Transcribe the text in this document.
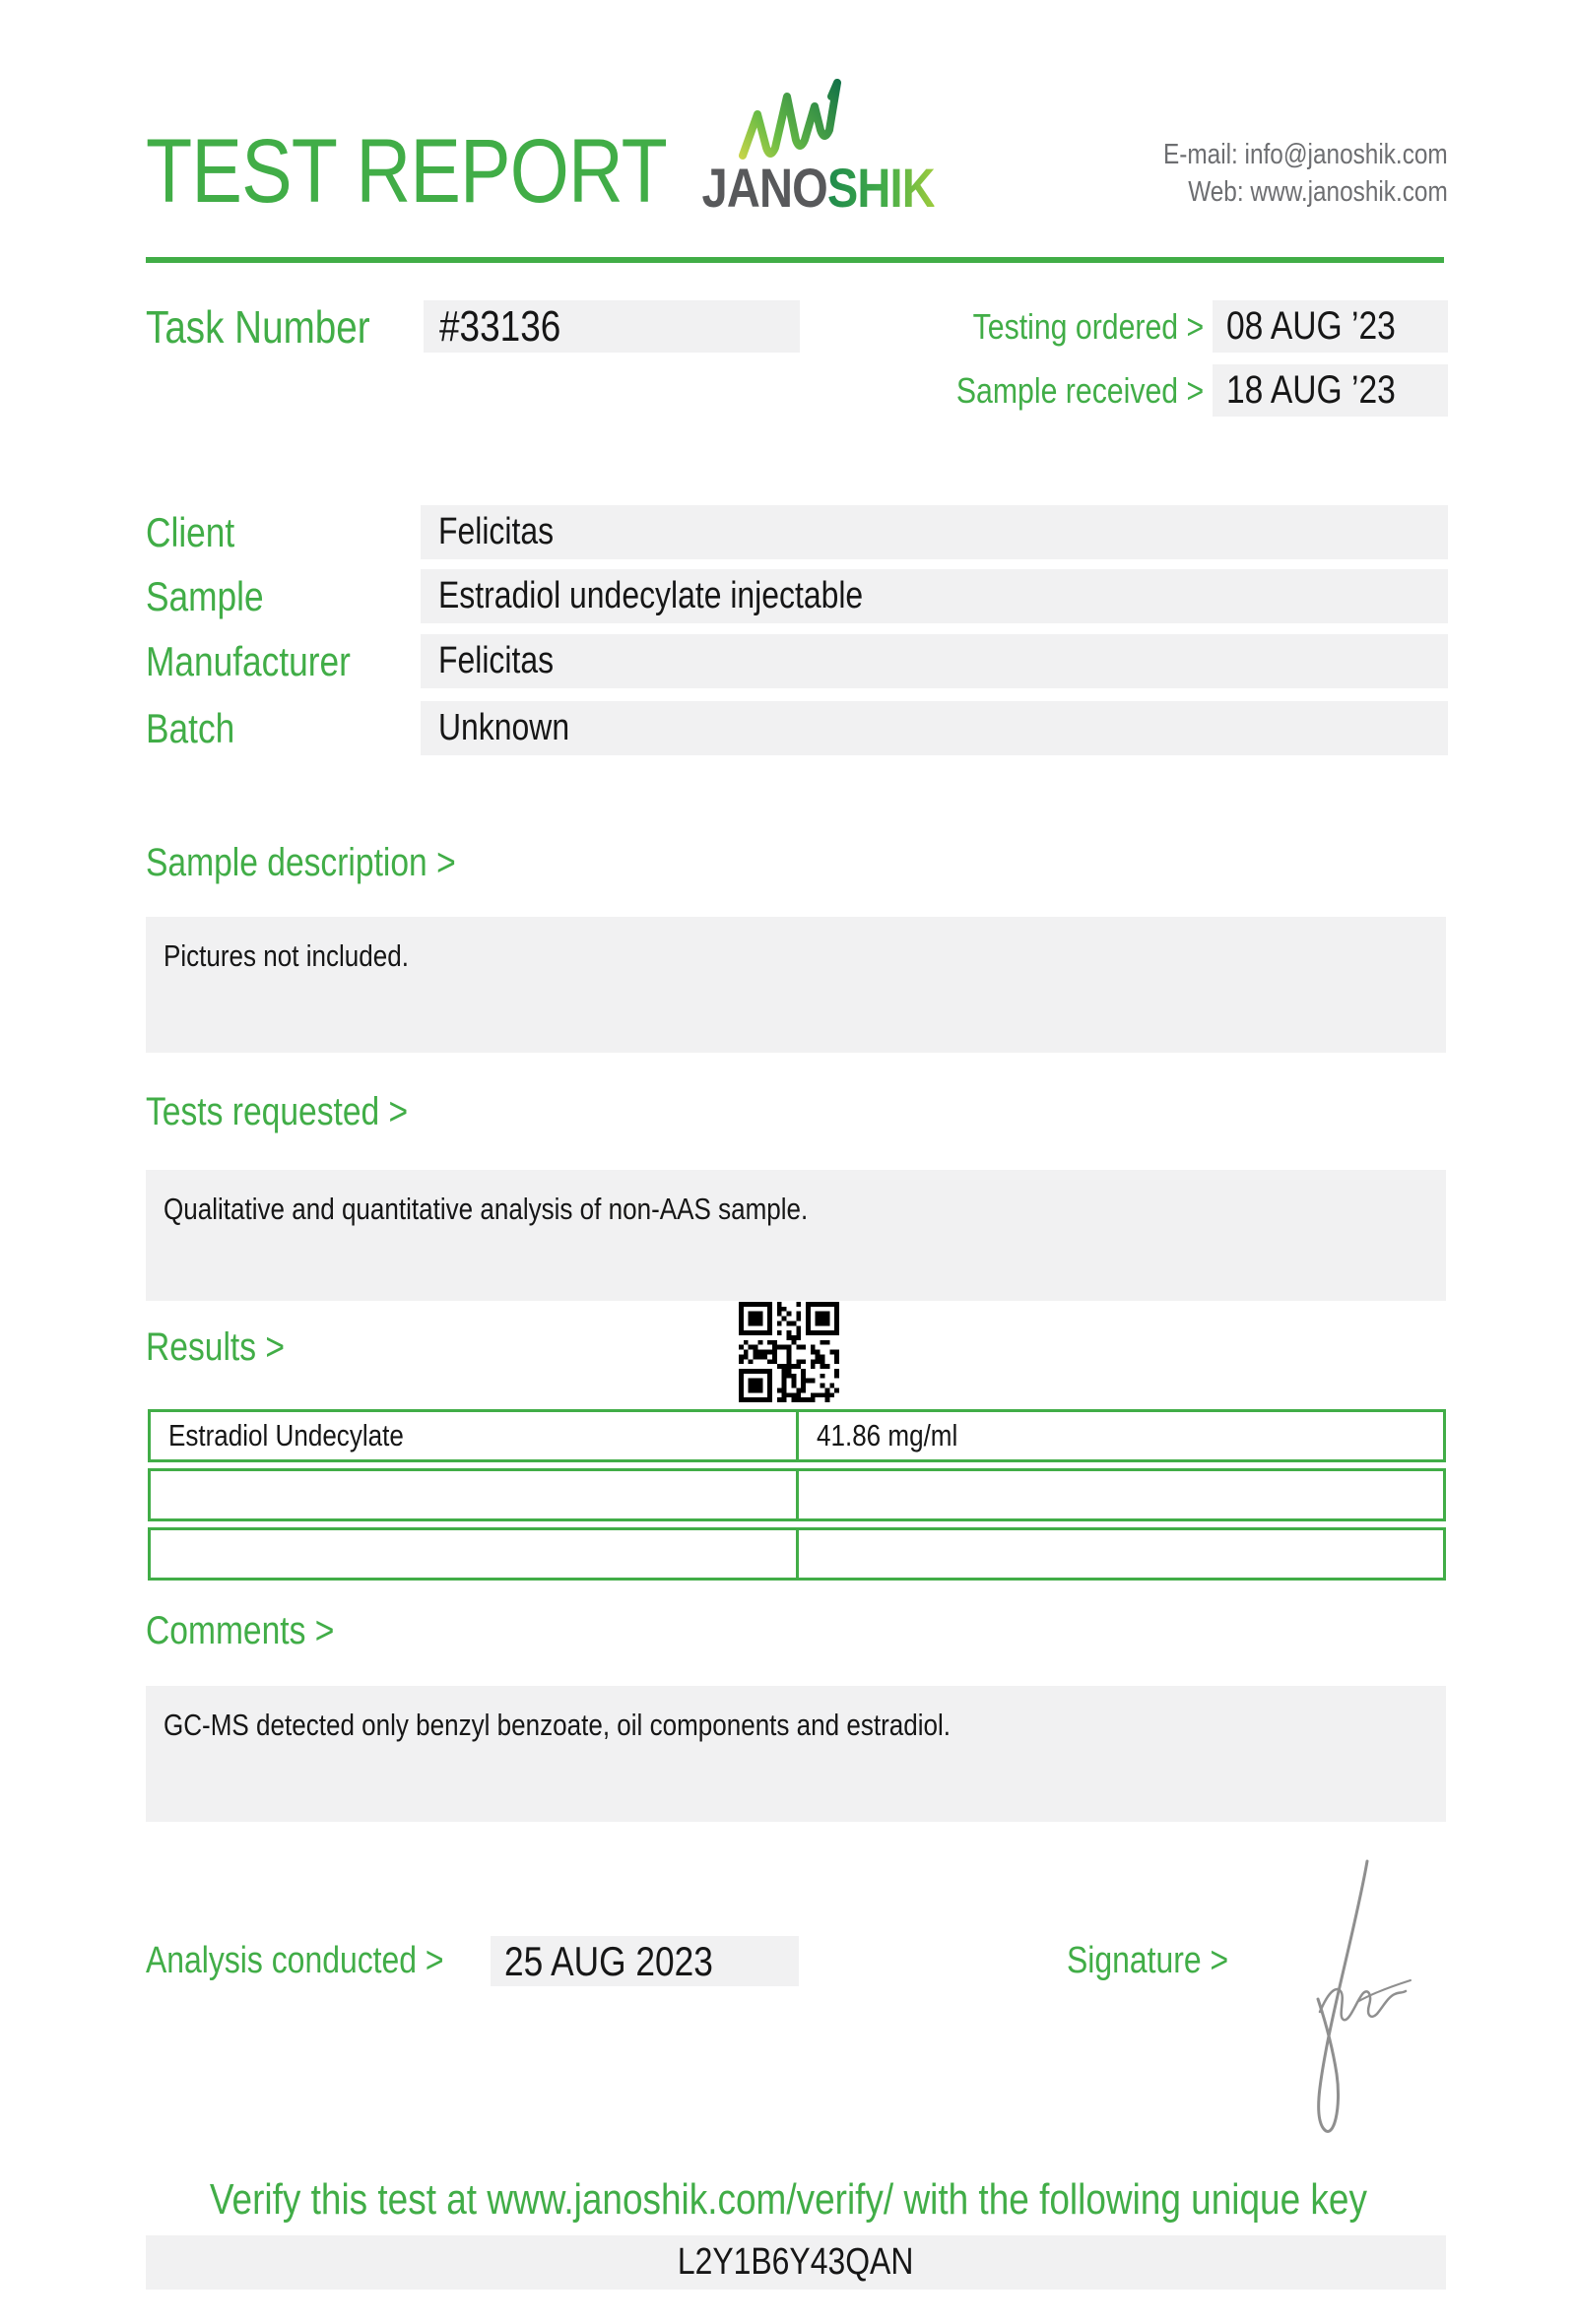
TEST REPORT JANOSHIK
E-mail: info@janoshik.com
Web: www.janoshik.com
Task Number #33136	Testing ordered > 08 AUG ’23
Sample received > 18 AUG ’23
Client	Felicitas
Sample	Estradiol undecylate injectable
Manufacturer Felicitas
Batch	Unknown
Sample description >
Pictures not included.
Tests requested >
Qualitative and quantitative analysis of non-AAS sample.
Results >
Estradiol Undecylate	41.86 mg/ml
Comments >
GC-MS detected only benzyl benzoate, oil components and estradiol.
Analysis conducted > 25 AUG 2023	Signature >
Verify this test at www.janoshik.com/verify/ with the following unique key
L2Y1B6Y43QAN
